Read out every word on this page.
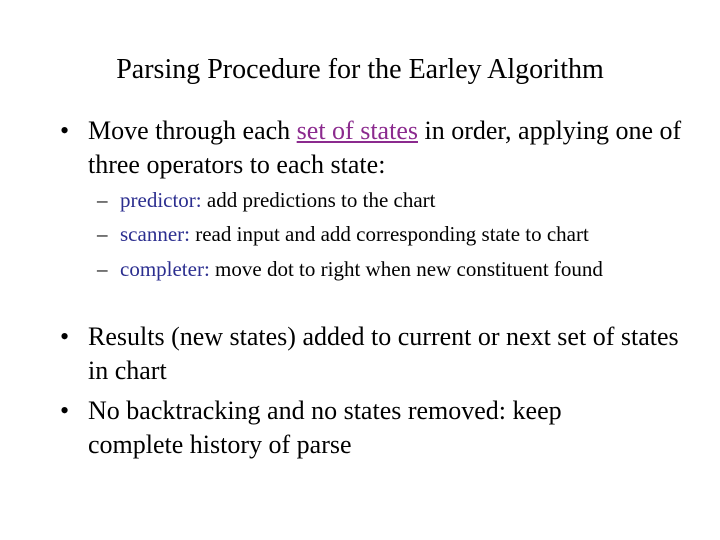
Parsing Procedure for the Earley Algorithm
• Move through each set of states in order, applying one of three operators to each state:
– predictor: add predictions to the chart
– scanner: read input and add corresponding state to chart
– completer: move dot to right when new constituent found
• Results (new states) added to current or next set of states in chart
• No backtracking and no states removed: keep complete history of parse
